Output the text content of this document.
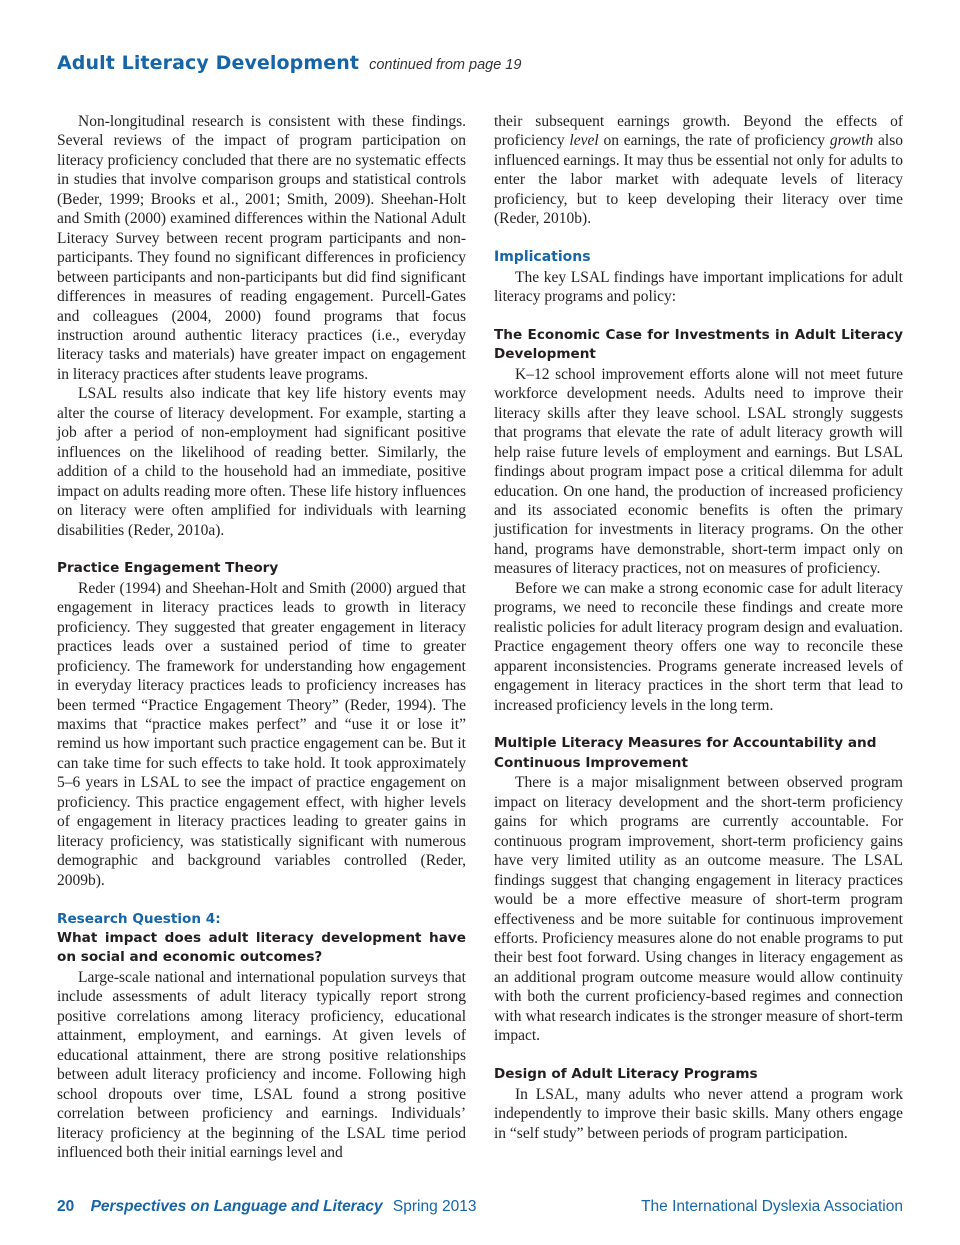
Adult Literacy Development continued from page 19

Non-longitudinal research is consistent with these findings. Several reviews of the impact of program participation on literacy proficiency concluded that there are no systematic effects in studies that involve comparison groups and statistical controls (Beder, 1999; Brooks et al., 2001; Smith, 2009). Sheehan-Holt and Smith (2000) examined differences within the National Adult Literacy Survey between recent program participants and non-participants. They found no significant differences in proficiency between participants and non-participants but did find significant differences in measures of reading engagement. Purcell-Gates and colleagues (2004, 2000) found programs that focus instruction around authentic literacy practices (i.e., everyday literacy tasks and materials) have greater impact on engagement in literacy practices after students leave programs.

LSAL results also indicate that key life history events may alter the course of literacy development. For example, starting a job after a period of non-employment had significant positive influences on the likelihood of reading better. Similarly, the addition of a child to the household had an immediate, positive impact on adults reading more often. These life history influences on literacy were often amplified for individuals with learning disabilities (Reder, 2010a).

Practice Engagement Theory

Reder (1994) and Sheehan-Holt and Smith (2000) argued that engagement in literacy practices leads to growth in literacy proficiency. They suggested that greater engagement in literacy practices leads over a sustained period of time to greater proficiency. The framework for understanding how engagement in everyday literacy practices leads to proficiency increases has been termed “Practice Engagement Theory” (Reder, 1994). The maxims that “practice makes perfect” and “use it or lose it” remind us how important such practice engagement can be. But it can take time for such effects to take hold. It took approximately 5–6 years in LSAL to see the impact of practice engagement on proficiency. This practice engagement effect, with higher levels of engagement in literacy practices leading to greater gains in literacy proficiency, was statistically significant with numerous demographic and background variables controlled (Reder, 2009b).

Research Question 4:
What impact does adult literacy development have on social and economic outcomes?

Large-scale national and international population surveys that include assessments of adult literacy typically report strong positive correlations among literacy proficiency, educational attainment, employment, and earnings. At given levels of educational attainment, there are strong positive relationships between adult literacy proficiency and income. Following high school dropouts over time, LSAL found a strong positive correlation between proficiency and earnings. Individuals’ literacy proficiency at the beginning of the LSAL time period influenced both their initial earnings level and

their subsequent earnings growth. Beyond the effects of proficiency level on earnings, the rate of proficiency growth also influenced earnings. It may thus be essential not only for adults to enter the labor market with adequate levels of literacy proficiency, but to keep developing their literacy over time (Reder, 2010b).

Implications

The key LSAL findings have important implications for adult literacy programs and policy:

The Economic Case for Investments in Adult Literacy Development

K–12 school improvement efforts alone will not meet future workforce development needs. Adults need to improve their literacy skills after they leave school. LSAL strongly suggests that programs that elevate the rate of adult literacy growth will help raise future levels of employment and earnings. But LSAL findings about program impact pose a critical dilemma for adult education. On one hand, the production of increased proficiency and its associated economic benefits is often the primary justification for investments in literacy programs. On the other hand, programs have demonstrable, short-term impact only on measures of literacy practices, not on measures of proficiency.

Before we can make a strong economic case for adult literacy programs, we need to reconcile these findings and create more realistic policies for adult literacy program design and evaluation. Practice engagement theory offers one way to reconcile these apparent inconsistencies. Programs generate increased levels of engagement in literacy practices in the short term that lead to increased proficiency levels in the long term.

Multiple Literacy Measures for Accountability and Continuous Improvement

There is a major misalignment between observed program impact on literacy development and the short-term proficiency gains for which programs are currently accountable. For continuous program improvement, short-term proficiency gains have very limited utility as an outcome measure. The LSAL findings suggest that changing engagement in literacy practices would be a more effective measure of short-term program effectiveness and be more suitable for continuous improvement efforts. Proficiency measures alone do not enable programs to put their best foot forward. Using changes in literacy engagement as an additional program outcome measure would allow continuity with both the current proficiency-based regimes and connection with what research indicates is the stronger measure of short-term impact.

Design of Adult Literacy Programs

In LSAL, many adults who never attend a program work independently to improve their basic skills. Many others engage in “self study” between periods of program participation.

20 Perspectives on Language and Literacy Spring 2013	The International Dyslexia Association
